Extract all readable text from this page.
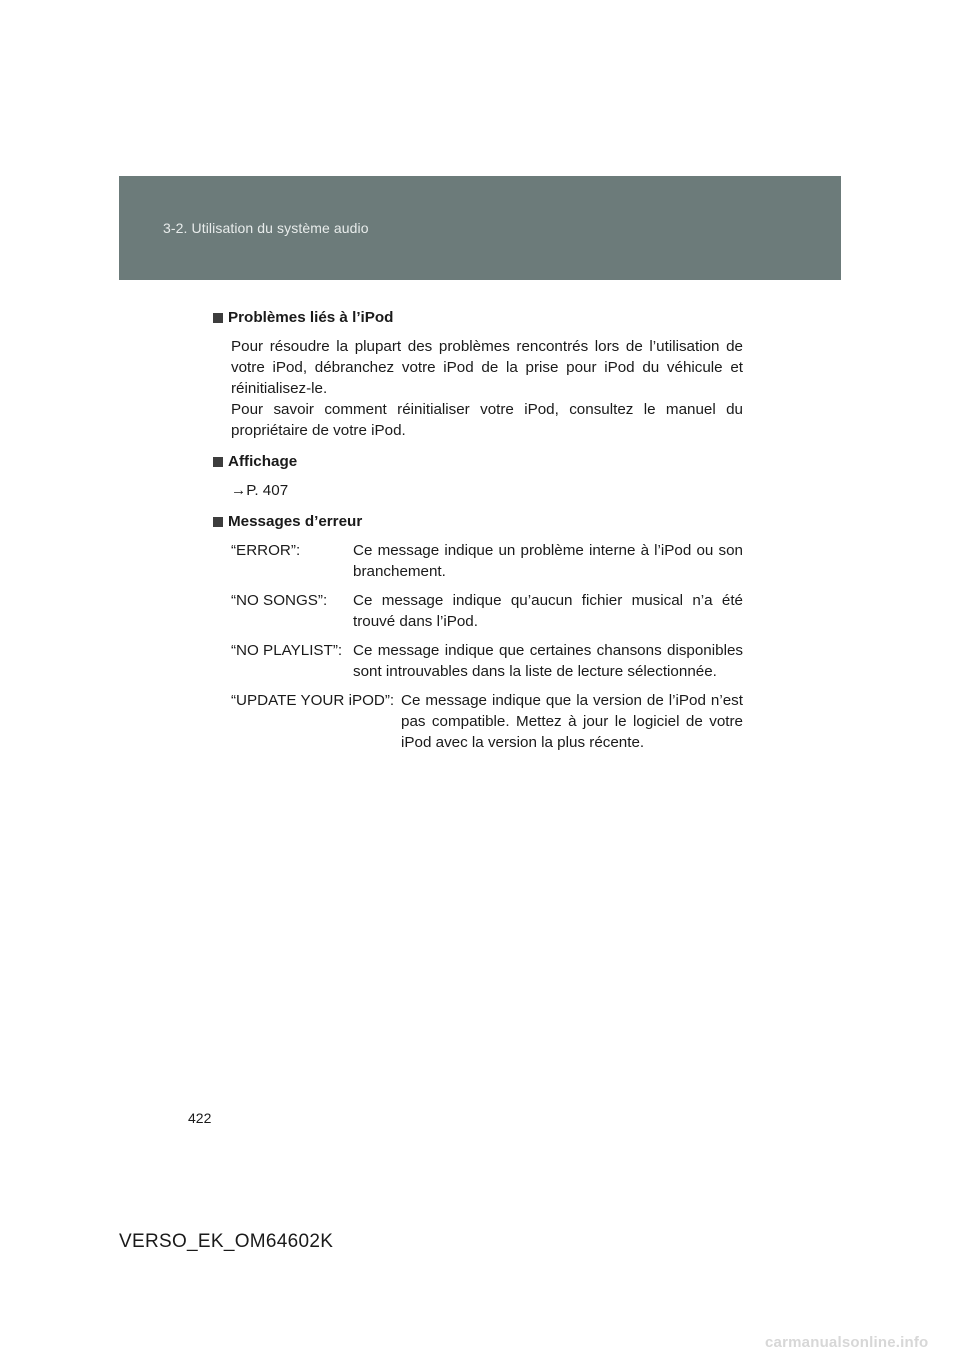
3-2. Utilisation du système audio

Problèmes liés à l’iPod

Pour résoudre la plupart des problèmes rencontrés lors de l’utilisation de
votre iPod, débranchez votre iPod de la prise pour iPod du véhicule et
réinitialisez-le.
Pour savoir comment réinitialiser votre iPod, consultez le manuel du
propriétaire de votre iPod.

Affichage

→P. 407

Messages d’erreur

“ERROR”:	Ce message indique un problème interne à l’iPod ou son branchement.
“NO SONGS”:	Ce message indique qu’aucun fichier musical n’a été trouvé dans l’iPod.
“NO PLAYLIST”: Ce message indique que certaines chansons disponibles sont introuvables dans la liste de lecture sélectionnée.
“UPDATE YOUR iPOD”: Ce message indique que la version de l’iPod n’est pas compatible. Mettez à jour le logiciel de votre iPod avec la version la plus récente.
422
VERSO_EK_OM64602K
carmanualsonline.info
